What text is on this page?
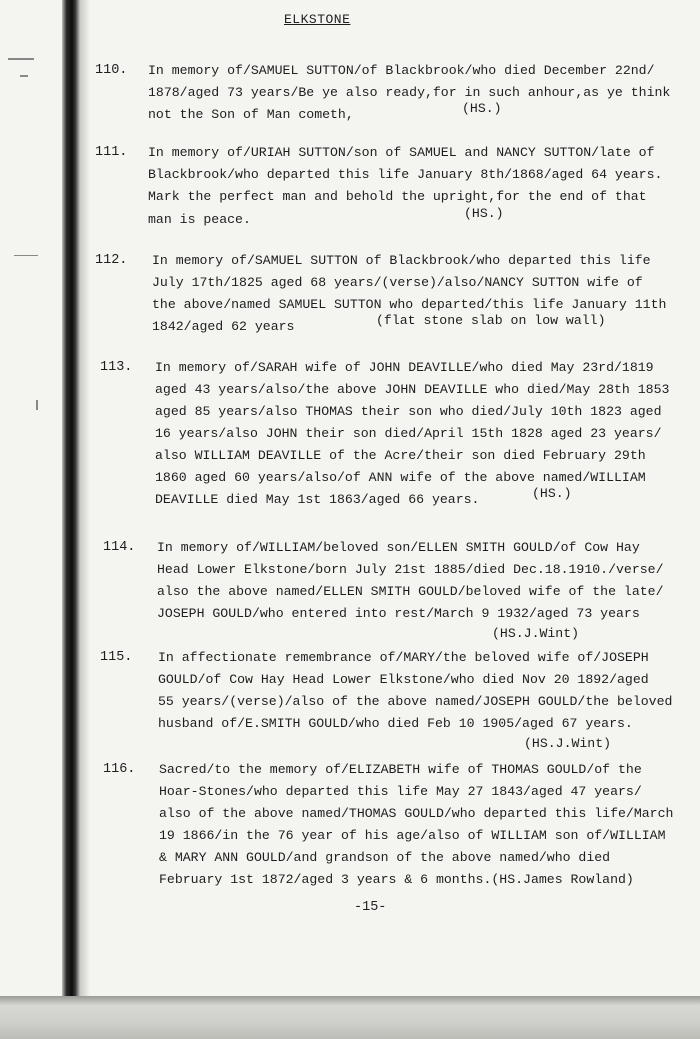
ELKSTONE
110. In memory of/SAMUEL SUTTON/of Blackbrook/who died December 22nd/
1878/aged 73 years/Be ye also ready,for in such anhour,as ye think
not the Son of Man cometh,	(HS.)
111. In memory of/URIAH SUTTON/son of SAMUEL and NANCY SUTTON/late of
Blackbrook/who departed this life January 8th/1868/aged 64 years.
Mark the perfect man and behold the upright,for the end of that
man is peace.	(HS.)
112. In memory of/SAMUEL SUTTON of Blackbrook/who departed this life
July 17th/1825 aged 68 years/(verse)/also/NANCY SUTTON wife of
the above/named SAMUEL SUTTON who departed/this life January 11th
1842/aged 62 years	(flat stone slab on low wall)
113. In memory of/SARAH wife of JOHN DEAVILLE/who died May 23rd/1819
aged 43 years/also/the above JOHN DEAVILLE who died/May 28th 1853
aged 85 years/also THOMAS their son who died/July 10th 1823 aged
16 years/also JOHN their son died/April 15th 1828 aged 23 years/
also WILLIAM DEAVILLE of the Acre/their son died February 29th
1860 aged 60 years/also/of ANN wife of the above named/WILLIAM
DEAVILLE died May 1st 1863/aged 66 years.	(HS.)
114. In memory of/WILLIAM/beloved son/ELLEN SMITH GOULD/of Cow Hay
Head Lower Elkstone/born July 21st 1885/died Dec.18.1910./verse/
also the above named/ELLEN SMITH GOULD/beloved wife of the late/
JOSEPH GOULD/who entered into rest/March 9 1932/aged 73 years
(HS.J.Wint)
115. In affectionate remembrance of/MARY/the beloved wife of/JOSEPH
GOULD/of Cow Hay Head Lower Elkstone/who died Nov 20 1892/aged
55 years/(verse)/also of the above named/JOSEPH GOULD/the beloved
husband of/E.SMITH GOULD/who died Feb 10 1905/aged 67 years.
(HS.J.Wint)
116. Sacred/to the memory of/ELIZABETH wife of THOMAS GOULD/of the
Hoar-Stones/who departed this life May 27 1843/aged 47 years/
also of the above named/THOMAS GOULD/who departed this life/March
19 1866/in the 76 year of his age/also of WILLIAM son of/WILLIAM
& MARY ANN GOULD/and grandson of the above named/who died
February 1st 1872/aged 3 years & 6 months.(HS.James Rowland)
-15-
